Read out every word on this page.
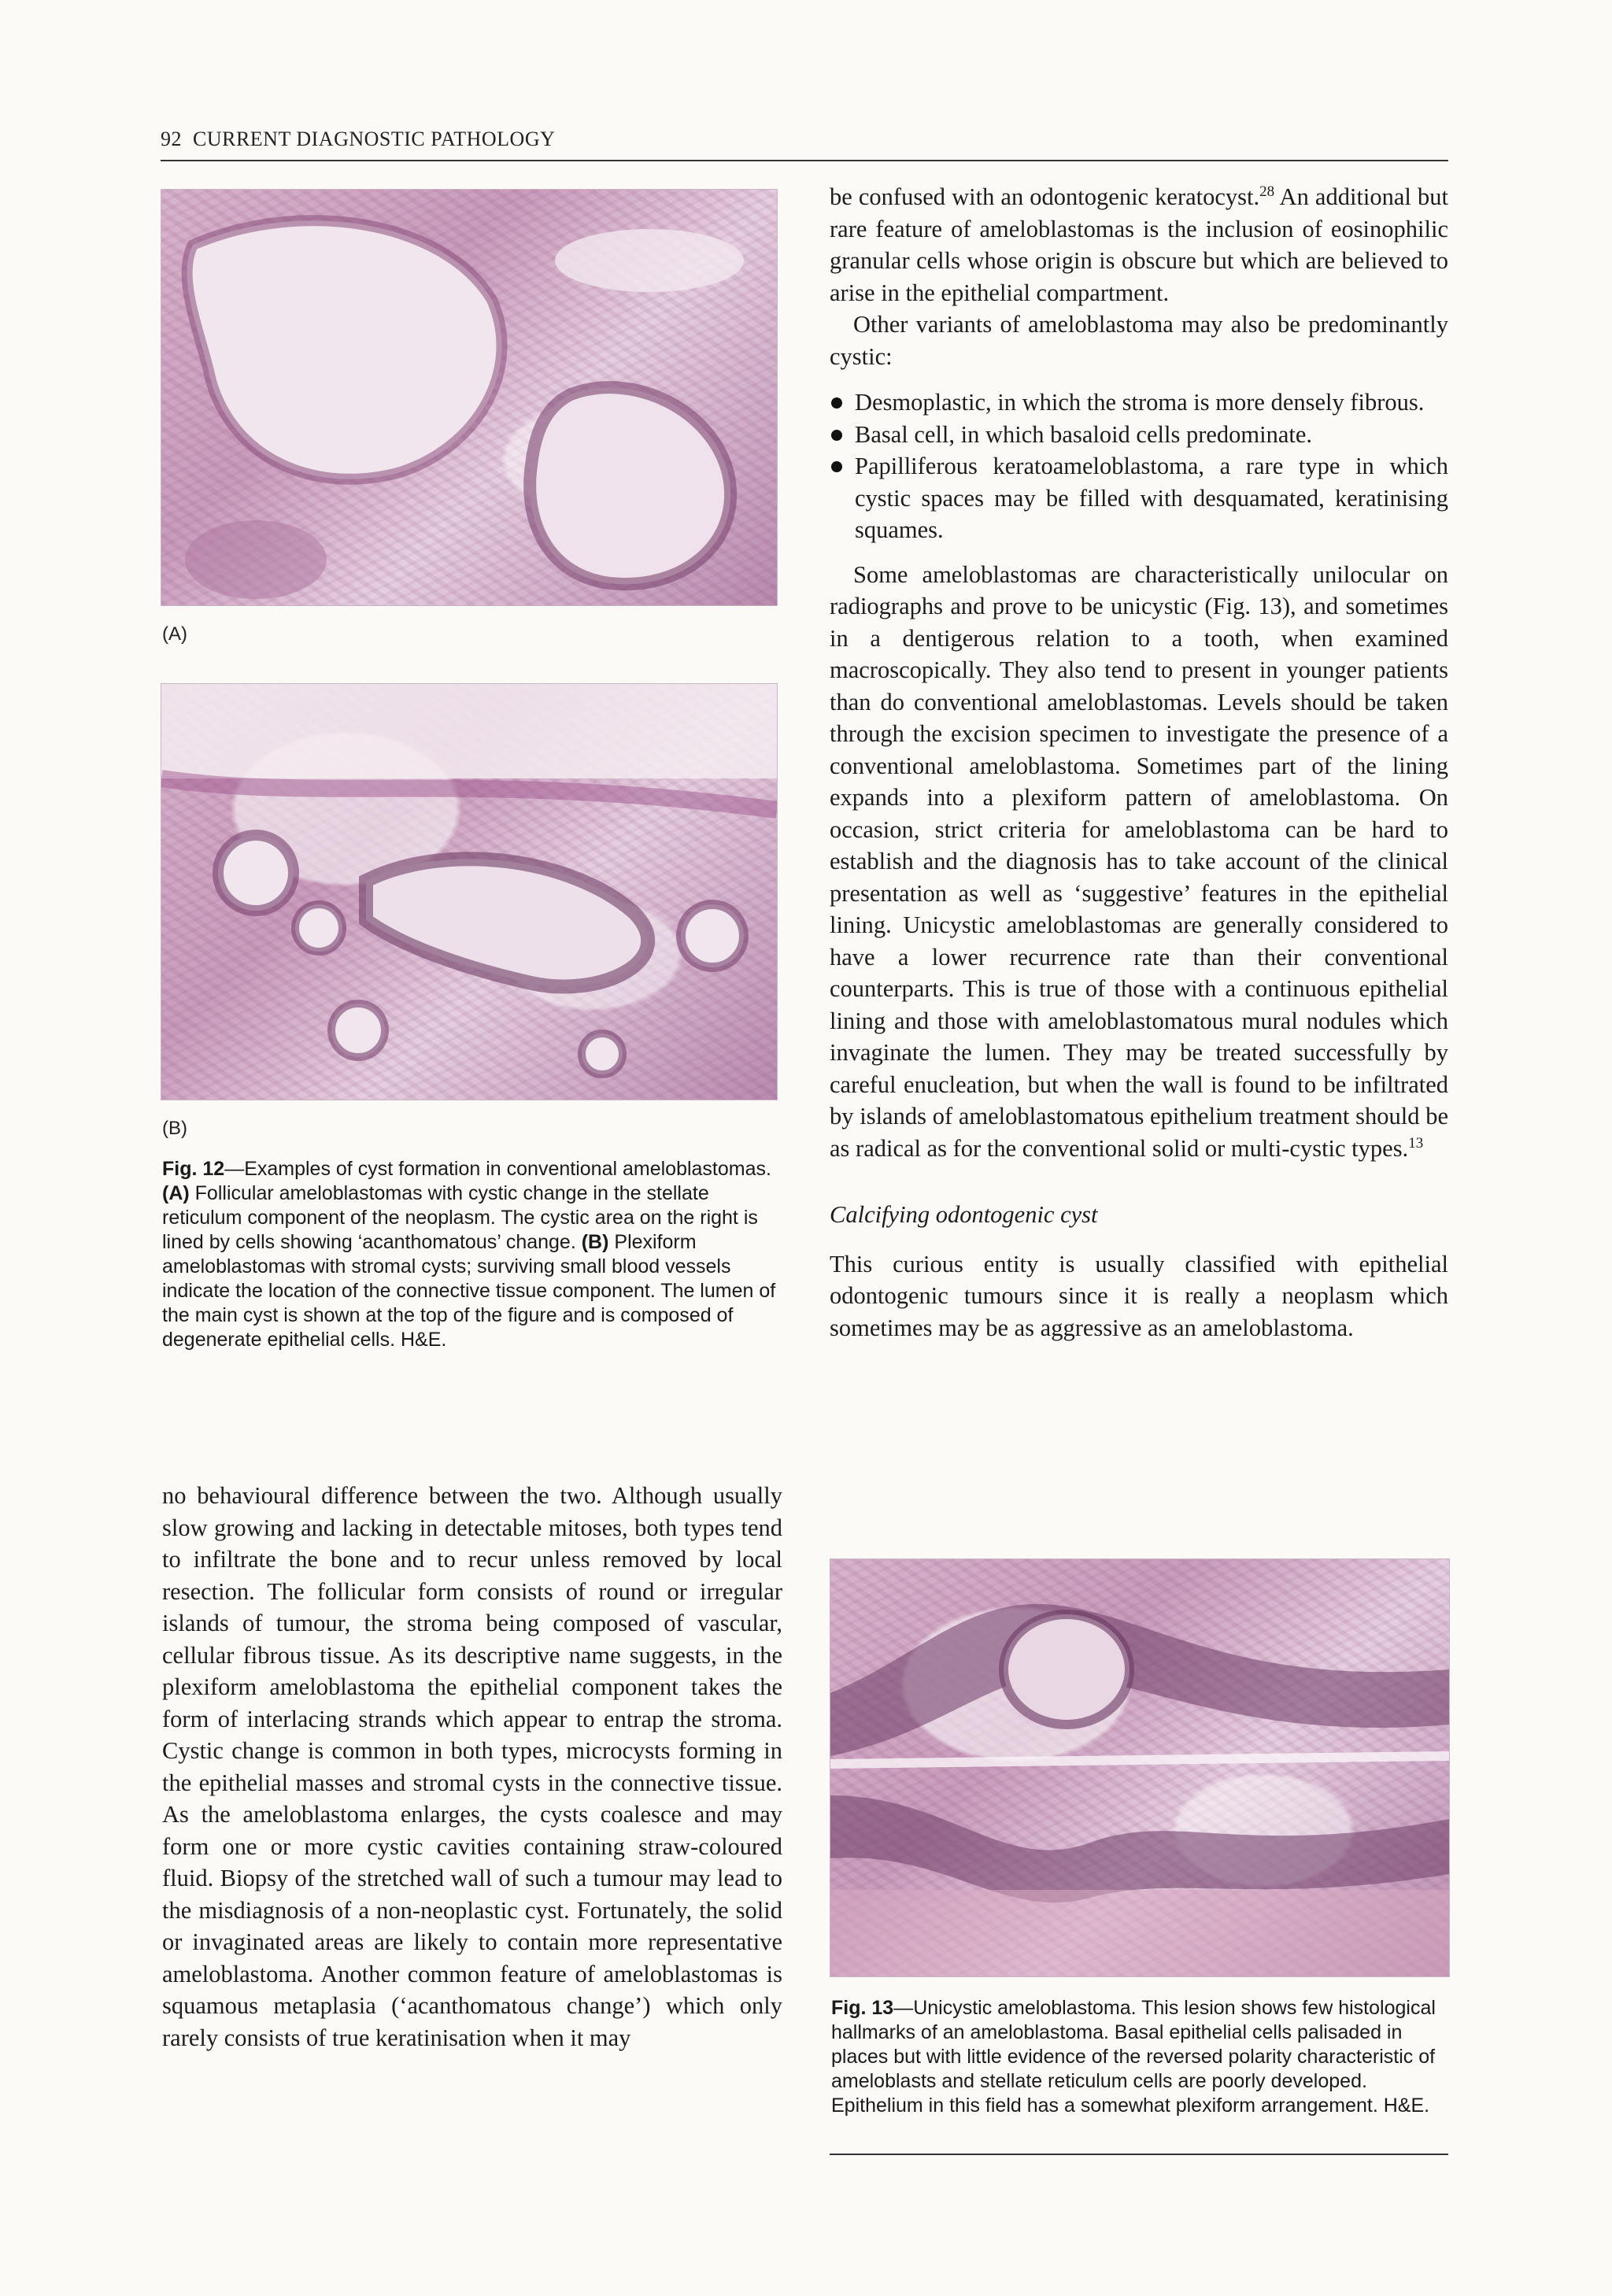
92 CURRENT DIAGNOSTIC PATHOLOGY
(A)
(B)
Fig. 12—Examples of cyst formation in conventional ameloblastomas. (A) Follicular ameloblastomas with cystic change in the stellate reticulum component of the neoplasm. The cystic area on the right is lined by cells showing ‘acanthomatous’ change. (B) Plexiform ameloblastomas with stromal cysts; surviving small blood vessels indicate the location of the connective tissue component. The lumen of the main cyst is shown at the top of the figure and is composed of degenerate epithelial cells. H&E.

no behavioural difference between the two. Although usually slow growing and lacking in detectable mitoses, both types tend to infiltrate the bone and to recur unless removed by local resection. The follicular form consists of round or irregular islands of tumour, the stroma being composed of vascular, cellular fibrous tissue. As its descriptive name suggests, in the plexiform ameloblastoma the epithelial component takes the form of interlacing strands which appear to entrap the stroma. Cystic change is common in both types, microcysts forming in the epithelial masses and stromal cysts in the connective tissue. As the ameloblastoma enlarges, the cysts coalesce and may form one or more cystic cavities containing straw-coloured fluid. Biopsy of the stretched wall of such a tumour may lead to the misdiagnosis of a non-neoplastic cyst. Fortunately, the solid or invaginated areas are likely to contain more representative ameloblastoma. Another common feature of ameloblastomas is squamous metaplasia (‘acanthomatous change’) which only rarely consists of true keratinisation when it may

be confused with an odontogenic keratocyst.$^{28}$ An additional but rare feature of ameloblastomas is the inclusion of eosinophilic granular cells whose origin is obscure but which are believed to arise in the epithelial compartment.

Other variants of ameloblastoma may also be predominantly cystic:

Desmoplastic, in which the stroma is more densely fibrous.
Basal cell, in which basaloid cells predominate.
Papilliferous keratoameloblastoma, a rare type in which cystic spaces may be filled with desquamated, keratinising squames.

Some ameloblastomas are characteristically unilocular on radiographs and prove to be unicystic (Fig. 13), and sometimes in a dentigerous relation to a tooth, when examined macroscopically. They also tend to present in younger patients than do conventional ameloblastomas. Levels should be taken through the excision specimen to investigate the presence of a conventional ameloblastoma. Sometimes part of the lining expands into a plexiform pattern of ameloblastoma. On occasion, strict criteria for ameloblastoma can be hard to establish and the diagnosis has to take account of the clinical presentation as well as ‘suggestive’ features in the epithelial lining. Unicystic ameloblastomas are generally considered to have a lower recurrence rate than their conventional counterparts. This is true of those with a continuous epithelial lining and those with ameloblastomatous mural nodules which invaginate the lumen. They may be treated successfully by careful enucleation, but when the wall is found to be infiltrated by islands of ameloblastomatous epithelium treatment should be as radical as for the conventional solid or multi-cystic types.$^{13}$

Calcifying odontogenic cyst

This curious entity is usually classified with epithelial odontogenic tumours since it is really a neoplasm which sometimes may be as aggressive as an ameloblastoma.

Fig. 13—Unicystic ameloblastoma. This lesion shows few histological hallmarks of an ameloblastoma. Basal epithelial cells palisaded in places but with little evidence of the reversed polarity characteristic of ameloblasts and stellate reticulum cells are poorly developed. Epithelium in this field has a somewhat plexiform arrangement. H&E.
